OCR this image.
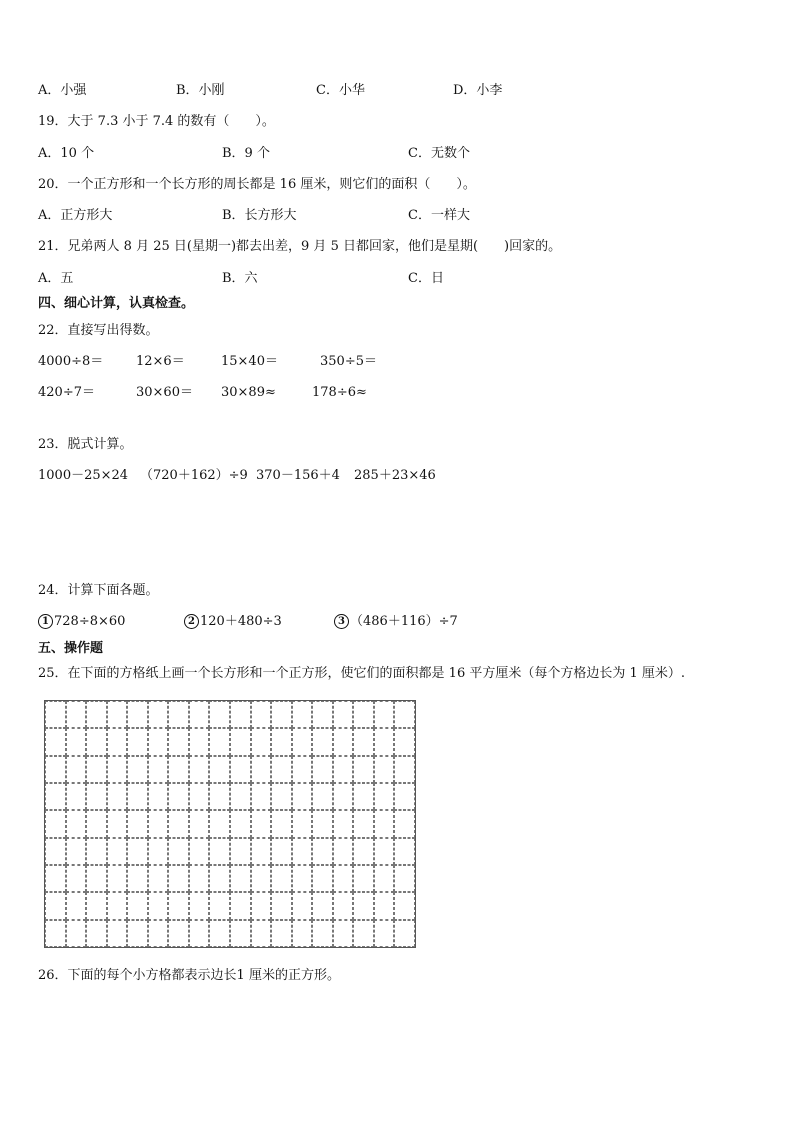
A．小强	B．小刚	C．小华	D．小李
19．大于 7.3 小于 7.4 的数有（　　）。
A．10 个	B．9 个	C．无数个
20．一个正方形和一个长方形的周长都是 16 厘米，则它们的面积（　　）。
A．正方形大	B．长方形大	C．一样大
21．兄弟两人 8 月 25 日(星期一)都去出差，9 月 5 日都回家，他们是星期(　　)回家的。
A．五	B．六	C．日
四、细心计算，认真检查。
22．直接写出得数。
4000÷8＝	12×6＝	15×40＝	350÷5＝
420÷7＝	30×60＝ 30×89≈	178÷6≈
23．脱式计算。
1000－25×24 （720＋162）÷9 370－156＋4 285＋23×46
24．计算下面各题。
1 728÷8×60	2 120＋480÷3	3 （486＋116）÷7
五、操作题
25．在下面的方格纸上画一个长方形和一个正方形，使它们的面积都是 16 平方厘米（每个方格边长为 1 厘米）.
26．下面的每个小方格都表示边长1 厘米的正方形。
